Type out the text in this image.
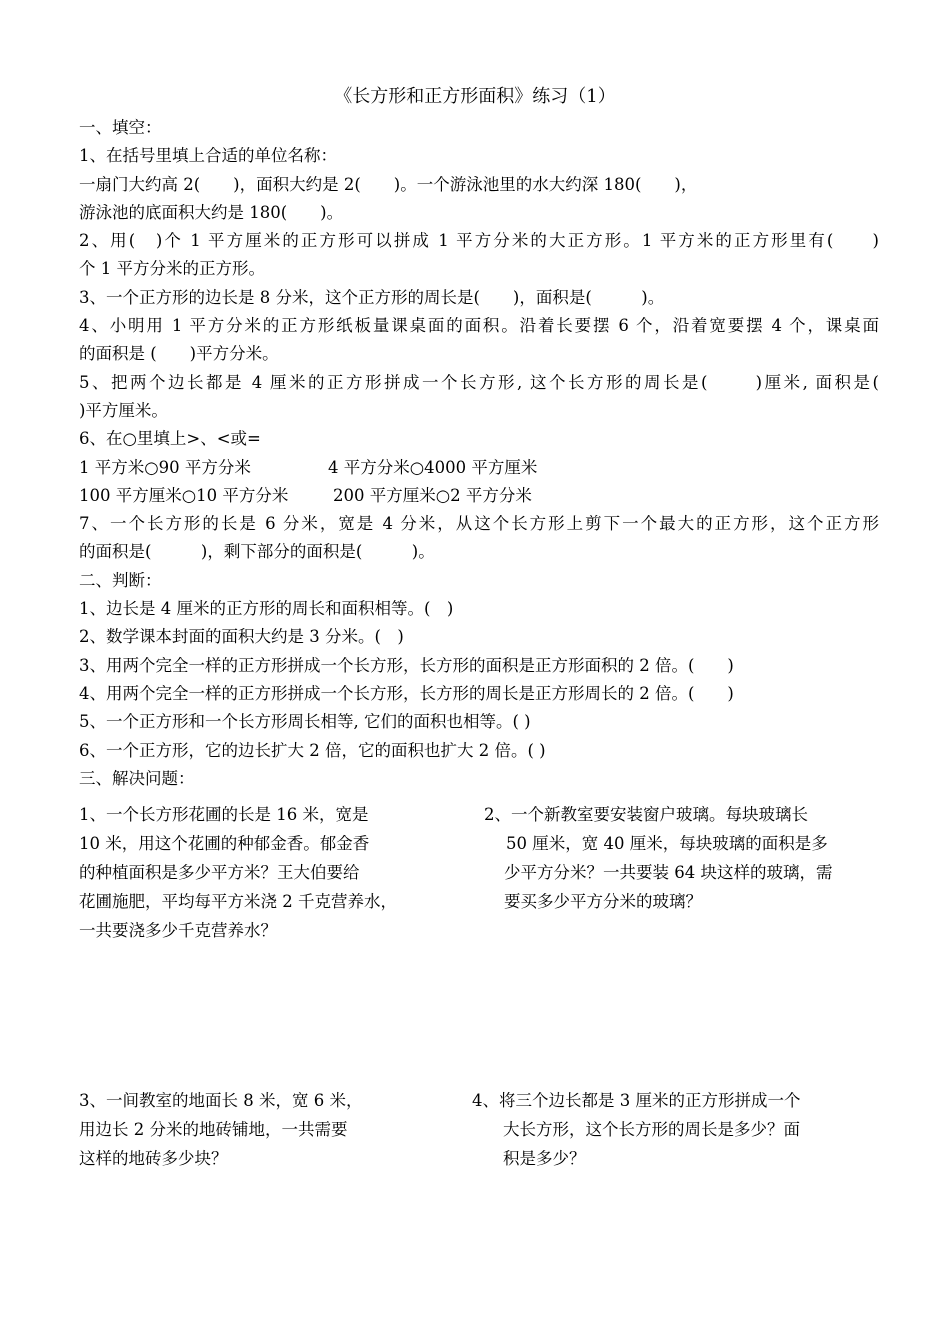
《长方形和正方形面积》练习（1）
一、填空：
1、在括号里填上合适的单位名称：
一扇门大约高 2(　　)，面积大约是 2(　　)。一个游泳池里的水大约深 180(　　)，
游泳池的底面积大约是 180(　　)。
2、用(　)个 1 平方厘米的正方形可以拼成 1 平方分米的大正方形。1 平方米的正方形里有(　　)
个 1 平方分米的正方形。
3、一个正方形的边长是 8 分米，这个正方形的周长是(　　)，面积是(　　　)。
4、小明用 1 平方分米的正方形纸板量课桌面的面积。沿着长要摆 6 个，沿着宽要摆 4 个，课桌面
的面积是 (　　)平方分米。
5、把两个边长都是 4 厘米的正方形拼成一个长方形, 这个长方形的周长是(　　 )厘米, 面积是(
)平方厘米。
6、在○里填上>、<或=
1 平方米○90 平方分米	4 平方分米○4000 平方厘米
100 平方厘米○10 平方分米	200 平方厘米○2 平方分米
7、一个长方形的长是 6 分米，宽是 4 分米，从这个长方形上剪下一个最大的正方形，这个正方形
的面积是(　　　)，剩下部分的面积是(　　　)。
二、判断：
1、边长是 4 厘米的正方形的周长和面积相等。(　)
2、数学课本封面的面积大约是 3 分米。(　)
3、用两个完全一样的正方形拼成一个长方形，长方形的面积是正方形面积的 2 倍。(　　)
4、用两个完全一样的正方形拼成一个长方形，长方形的周长是正方形周长的 2 倍。(　　)
5、一个正方形和一个长方形周长相等, 它们的面积也相等。( )
6、一个正方形，它的边长扩大 2 倍，它的面积也扩大 2 倍。( )
三、解决问题：
1、一个长方形花圃的长是 16 米，宽是
10 米，用这个花圃的种郁金香。郁金香
的种植面积是多少平方米？王大伯要给
花圃施肥，平均每平方米浇 2 千克营养水，
一共要浇多少千克营养水？
2、一个新教室要安装窗户玻璃。每块玻璃长
50 厘米，宽 40 厘米，每块玻璃的面积是多
少平方分米？一共要装 64 块这样的玻璃，需
要买多少平方分米的玻璃？
3、一间教室的地面长 8 米，宽 6 米，
用边长 2 分米的地砖铺地，一共需要
这样的地砖多少块？
4、将三个边长都是 3 厘米的正方形拼成一个
大长方形，这个长方形的周长是多少？面
积是多少？
